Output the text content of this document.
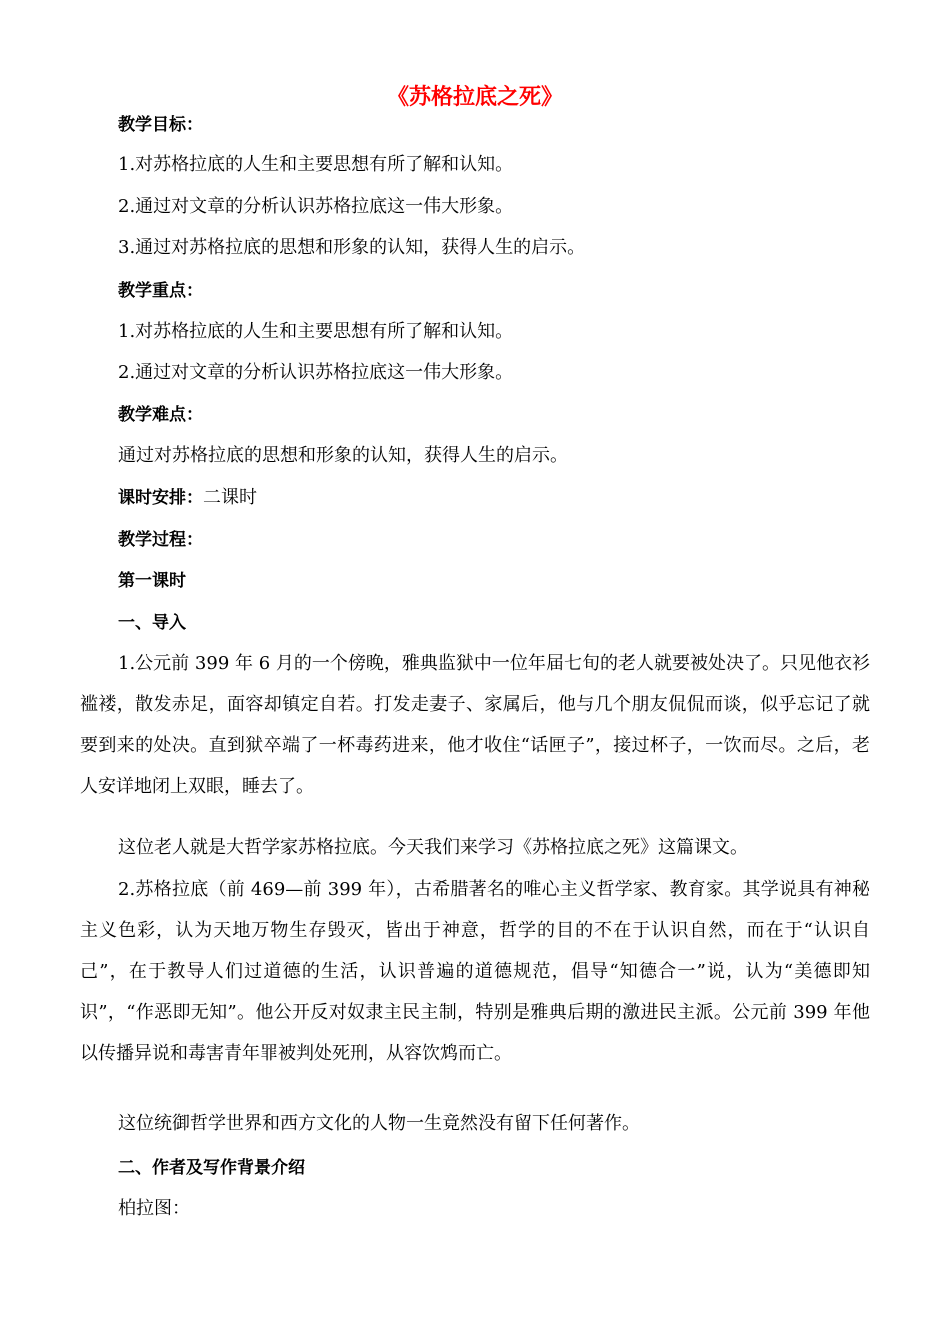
《苏格拉底之死》
教学目标：
1.对苏格拉底的人生和主要思想有所了解和认知。
2.通过对文章的分析认识苏格拉底这一伟大形象。
3.通过对苏格拉底的思想和形象的认知，获得人生的启示。
教学重点：
1.对苏格拉底的人生和主要思想有所了解和认知。
2.通过对文章的分析认识苏格拉底这一伟大形象。
教学难点：
通过对苏格拉底的思想和形象的认知，获得人生的启示。
课时安排：二课时
教学过程：
第一课时
一、导入
1.公元前 399 年 6 月的一个傍晚，雅典监狱中一位年届七旬的老人就要被处决了。只见他衣衫褴褛，散发赤足，面容却镇定自若。打发走妻子、家属后，他与几个朋友侃侃而谈，似乎忘记了就要到来的处决。直到狱卒端了一杯毒药进来，他才收住“话匣子”，接过杯子，一饮而尽。之后，老人安详地闭上双眼，睡去了。
这位老人就是大哲学家苏格拉底。今天我们来学习《苏格拉底之死》这篇课文。
2.苏格拉底（前 469—前 399 年），古希腊著名的唯心主义哲学家、教育家。其学说具有神秘主义色彩，认为天地万物生存毁灭，皆出于神意，哲学的目的不在于认识自然，而在于“认识自己”，在于教导人们过道德的生活，认识普遍的道德规范，倡导“知德合一”说，认为“美德即知识”，“作恶即无知”。他公开反对奴隶主民主制，特别是雅典后期的激进民主派。公元前 399 年他以传播异说和毒害青年罪被判处死刑，从容饮鸩而亡。
这位统御哲学世界和西方文化的人物一生竟然没有留下任何著作。
二、作者及写作背景介绍
柏拉图：
